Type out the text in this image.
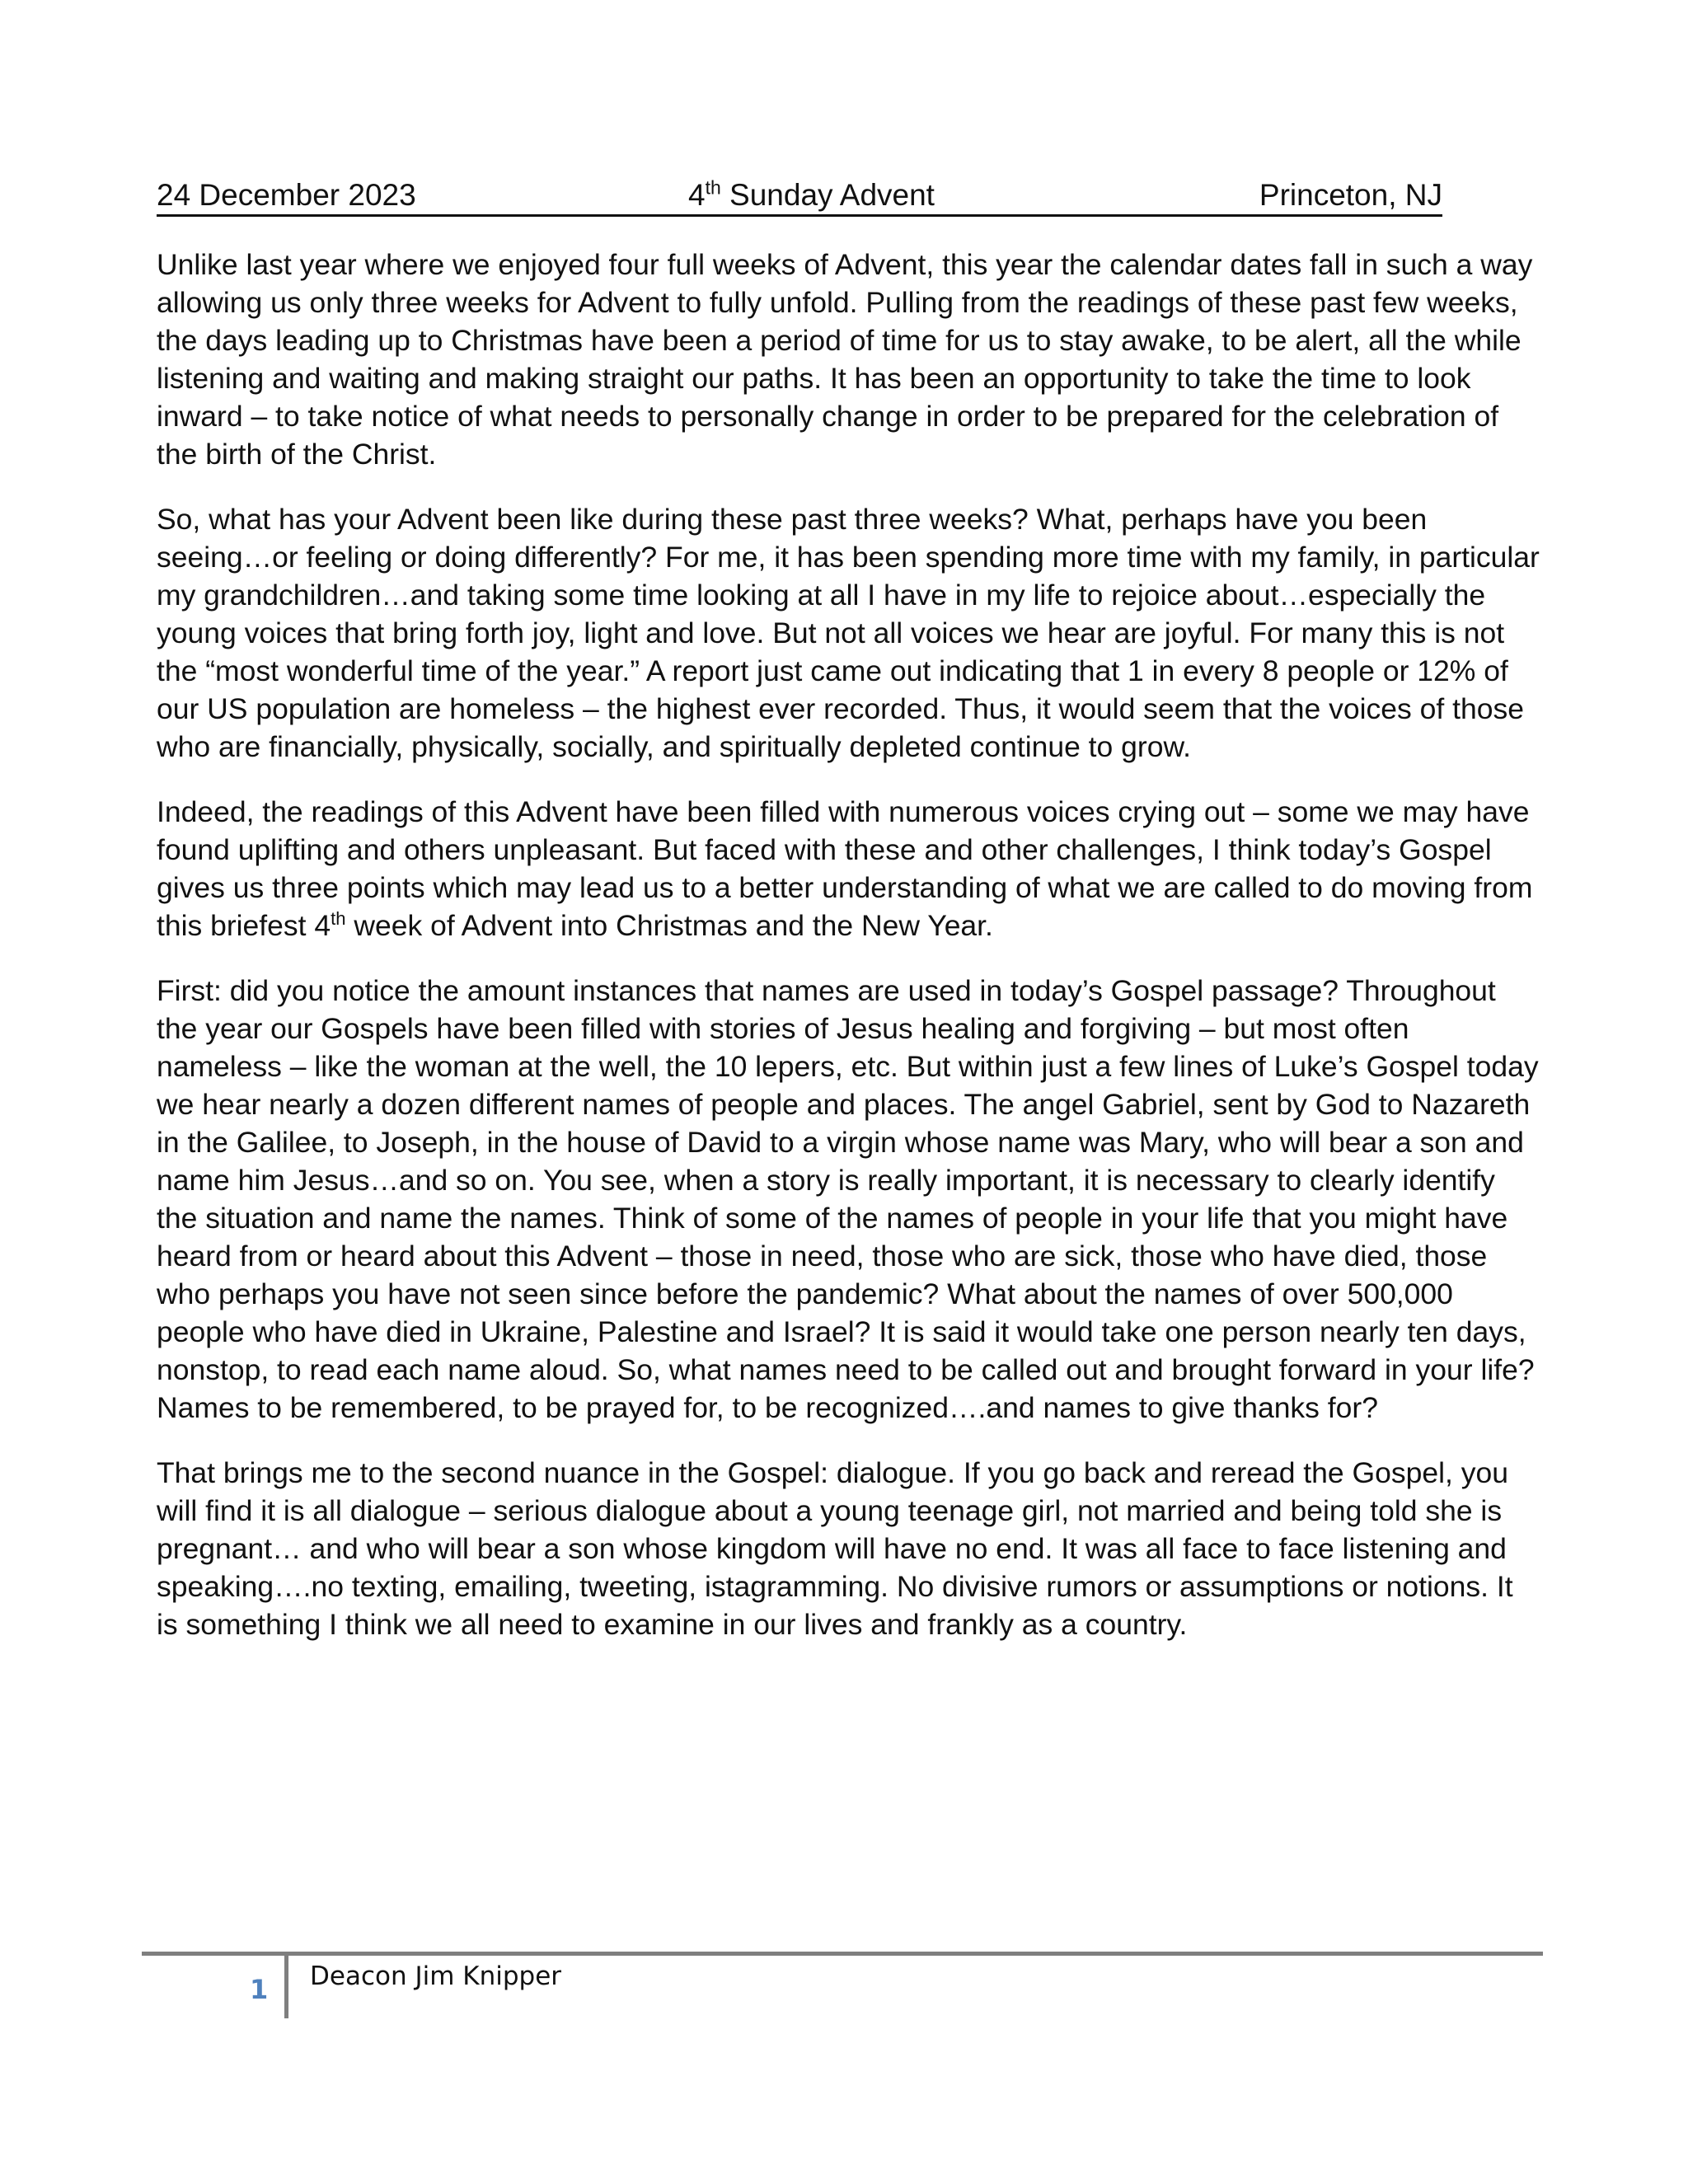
24 December 2023	4th Sunday Advent	Princeton, NJ

Unlike last year where we enjoyed four full weeks of Advent, this year the calendar dates fall in such a way allowing us only three weeks for Advent to fully unfold. Pulling from the readings of these past few weeks, the days leading up to Christmas have been a period of time for us to stay awake, to be alert, all the while listening and waiting and making straight our paths. It has been an opportunity to take the time to look inward – to take notice of what needs to personally change in order to be prepared for the celebration of the birth of the Christ.

So, what has your Advent been like during these past three weeks? What, perhaps have you been seeing…or feeling or doing differently? For me, it has been spending more time with my family, in particular my grandchildren…and taking some time looking at all I have in my life to rejoice about…especially the young voices that bring forth joy, light and love. But not all voices we hear are joyful. For many this is not the “most wonderful time of the year.” A report just came out indicating that 1 in every 8 people or 12% of our US population are homeless – the highest ever recorded. Thus, it would seem that the voices of those who are financially, physically, socially, and spiritually depleted continue to grow.

Indeed, the readings of this Advent have been filled with numerous voices crying out – some we may have found uplifting and others unpleasant. But faced with these and other challenges, I think today’s Gospel gives us three points which may lead us to a better understanding of what we are called to do moving from this briefest 4th week of Advent into Christmas and the New Year.

First: did you notice the amount instances that names are used in today’s Gospel passage? Throughout the year our Gospels have been filled with stories of Jesus healing and forgiving – but most often nameless – like the woman at the well, the 10 lepers, etc. But within just a few lines of Luke’s Gospel today we hear nearly a dozen different names of people and places. The angel Gabriel, sent by God to Nazareth in the Galilee, to Joseph, in the house of David to a virgin whose name was Mary, who will bear a son and name him Jesus…and so on. You see, when a story is really important, it is necessary to clearly identify the situation and name the names. Think of some of the names of people in your life that you might have heard from or heard about this Advent – those in need, those who are sick, those who have died, those who perhaps you have not seen since before the pandemic? What about the names of over 500,000 people who have died in Ukraine, Palestine and Israel? It is said it would take one person nearly ten days, nonstop, to read each name aloud. So, what names need to be called out and brought forward in your life? Names to be remembered, to be prayed for, to be recognized….and names to give thanks for?

That brings me to the second nuance in the Gospel: dialogue. If you go back and reread the Gospel, you will find it is all dialogue – serious dialogue about a young teenage girl, not married and being told she is pregnant… and who will bear a son whose kingdom will have no end. It was all face to face listening and speaking….no texting, emailing, tweeting, istagramming. No divisive rumors or assumptions or notions. It is something I think we all need to examine in our lives and frankly as a country.

1 Deacon Jim Knipper
